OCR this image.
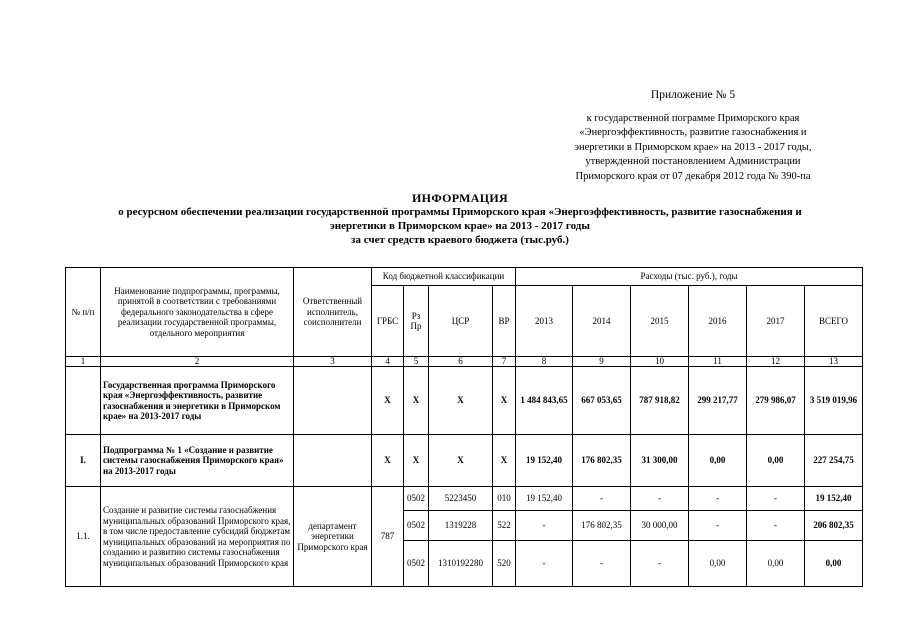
Приложение № 5
к государственной пограмме Приморского края
«Энергоэффективность, развитие газоснабжения и
энергетики в Приморском крае» на 2013 - 2017 годы,
утвержденной постановлением Администрации
Приморского края от 07 декабря 2012 года № 390-па
ИНФОРМАЦИЯ
о ресурсном обеспечении реализации государственной программы Приморского края «Энергоэффективность, развитие газоснабжения и
энергетики в Приморском крае» на 2013 - 2017 годы
за счет средств краевого бюджета (тыс.руб.)
№ п/п	Наименование подпрограммы, программы, принятой в соответствии с требованиями федерального законодательства в сфере реализации государственной программы, отдельного мероприятия	Ответственный исполнитель, соисполнители	Код бюджетной классификации				Расходы (тыс. руб.), годы					
			ГРБС	Рз Пр	ЦСР	ВР	2013	2014	2015	2016	2017	ВСЕГО
1	2	3	4	5	6	7	8	9	10	11	12	13
	Государственная программа Приморского края «Энергоэффективность, развитие газоснабжения и энергетики в Приморском крае» на 2013-2017 годы		Х	Х	Х	Х	1 484 843,65	667 053,65	787 918,82	299 217,77	279 986,07	3 519 019,96
I.	Подпрограмма № 1 «Создание и развитие системы газоснабжения Приморского края» на 2013-2017 годы		Х	Х	Х	Х	19 152,40	176 802,35	31 300,00	0,00	0,00	227 254,75
1.1.	Создание и развитие системы газоснабжения муниципальных образований Приморского края, в том числе предоставление субсидий бюджетам муниципальных образований на мероприятия по созданию и развитию системы газоснабжения муниципальных образований Приморского края	департамент энергетики Приморского края	787	0502	5223450	010	19 152,40	-	-	-	-	19 152,40
				0502	1319228	522	-	176 802,35	30 000,00	-	-	206 802,35
				0502	1310192280	520	-	-	-	0,00	0,00	0,00
